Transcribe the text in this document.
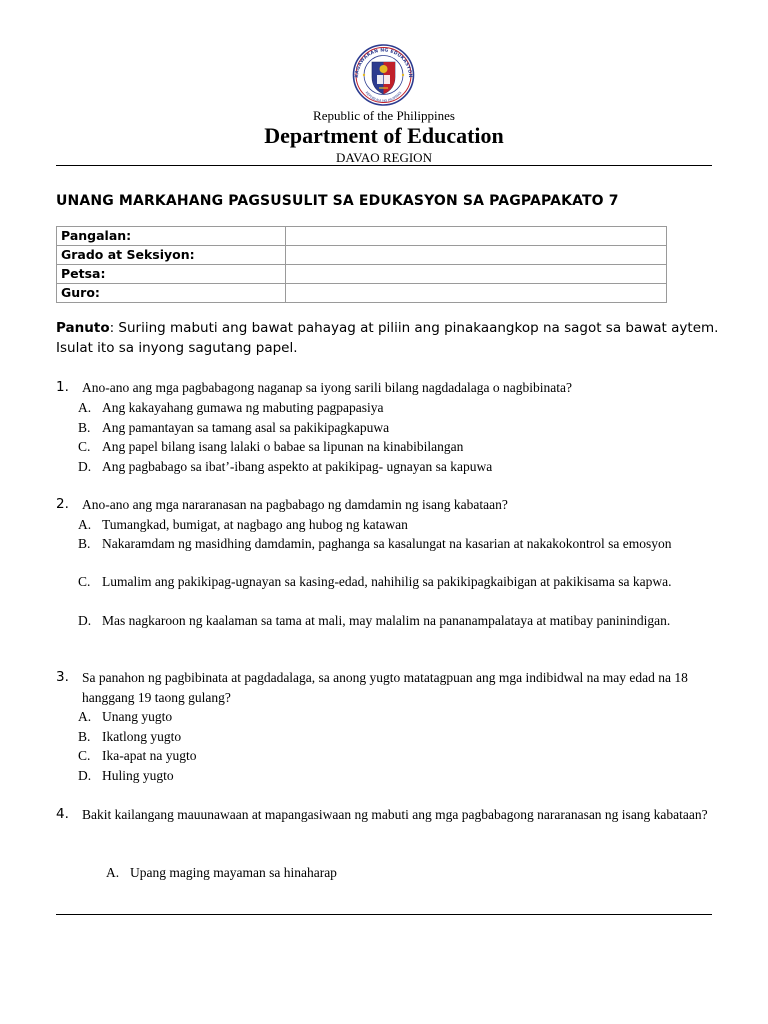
KAGAWARAN NG EDUKASYON
REPUBLIKA NG PILIPINAS
Republic of the Philippines
Department of Education
DAVAO REGION
UNANG MARKAHANG PAGSUSULIT SA EDUKASYON SA PAGPAPAKATO 7
Pangalan:	
Grado at Seksiyon:	
Petsa:	
Guro:	
Panuto: Suriing mabuti ang bawat pahayag at piliin ang pinakaangkop na sagot sa bawat aytem. Isulat ito sa inyong sagutang papel.
1. Ano-ano ang mga pagbabagong naganap sa iyong sarili bilang nagdadalaga o nagbibinata?
A. Ang kakayahang gumawa ng mabuting pagpapasiya
B. Ang pamantayan sa tamang asal sa pakikipagkapuwa
C. Ang papel bilang isang lalaki o babae sa lipunan na kinabibilangan
D. Ang pagbabago sa ibat’-ibang aspekto at pakikipag- ugnayan sa kapuwa
2. Ano-ano ang mga nararanasan na pagbabago ng damdamin ng isang kabataan?
A. Tumangkad, bumigat, at nagbago ang hubog ng katawan
B. Nakaramdam ng masidhing damdamin, paghanga sa kasalungat na kasarian at nakakokontrol sa emosyon
C. Lumalim ang pakikipag-ugnayan sa kasing-edad, nahihilig sa pakikipagkaibigan at pakikisama sa kapwa.
D. Mas nagkaroon ng kaalaman sa tama at mali, may malalim na pananampalataya at matibay paninindigan.
3. Sa panahon ng pagbibinata at pagdadalaga, sa anong yugto matatagpuan ang mga indibidwal na may edad na 18 hanggang 19 taong gulang?
A. Unang yugto
B. Ikatlong yugto
C. Ika-apat na yugto
D. Huling yugto
4. Bakit kailangang mauunawaan at mapangasiwaan ng mabuti ang mga pagbabagong nararanasan ng isang kabataan?
A. Upang maging mayaman sa hinaharap
